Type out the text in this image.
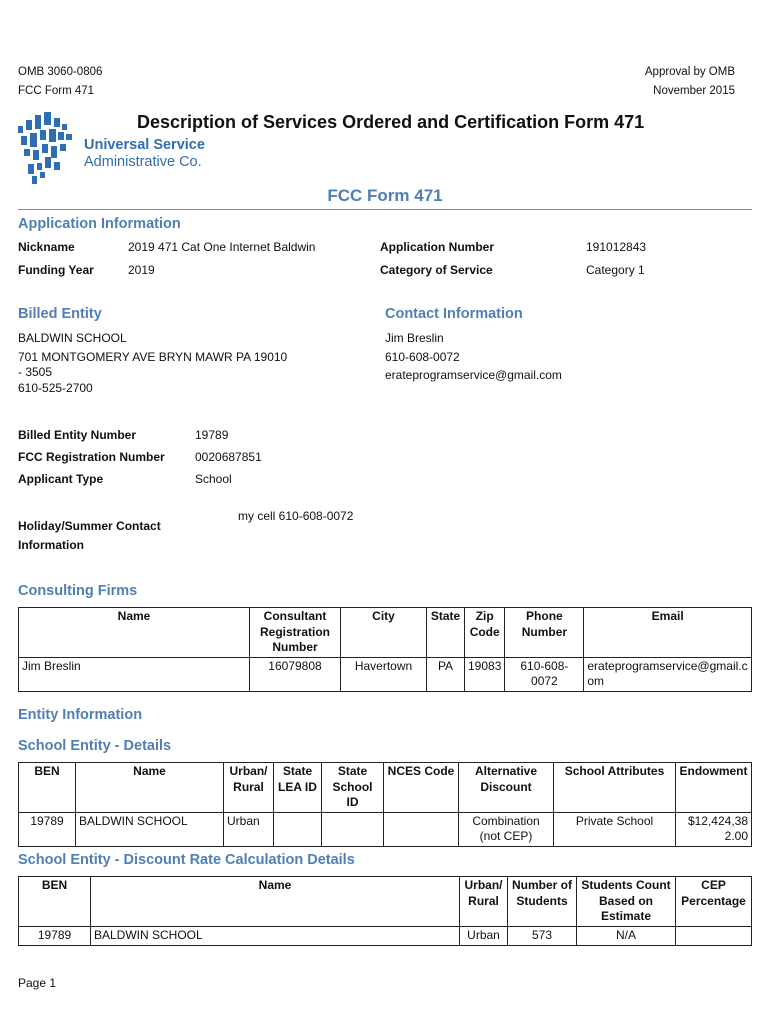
OMB 3060-0806
FCC Form 471
Approval by OMB
November 2015
Universal Service
Administrative Co.
Description of Services Ordered and Certification Form 471
FCC Form 471
Application Information
Nickname	2019 471 Cat One Internet Baldwin
Funding Year	2019
Application Number	191012843
Category of Service	Category 1
Billed Entity
BALDWIN SCHOOL
701 MONTGOMERY AVE BRYN MAWR PA 19010
- 3505
610-525-2700
Contact Information
Jim Breslin
610-608-0072
erateprogramservice@gmail.com
Billed Entity Number	19789
FCC Registration Number	0020687851
Applicant Type	School
Holiday/Summer Contact
Information
my cell 610-608-0072
Consulting Firms
Name	Consultant Registration Number	City	State	Zip Code	Phone Number	Email
Jim Breslin	16079808	Havertown	PA	19083	610-608-0072	erateprogramservice@gmail.com
Entity Information
School Entity - Details
BEN	Name	Urban/ Rural	State LEA ID	State School ID	NCES Code	Alternative Discount	School Attributes	Endowment
19789	BALDWIN SCHOOL	Urban				Combination (not CEP)	Private School	$12,424,382.00
School Entity - Discount Rate Calculation Details
BEN	Name	Urban/ Rural	Number of Students	Students Count Based on Estimate	CEP Percentage
19789	BALDWIN SCHOOL	Urban	573	N/A	
Page 1
